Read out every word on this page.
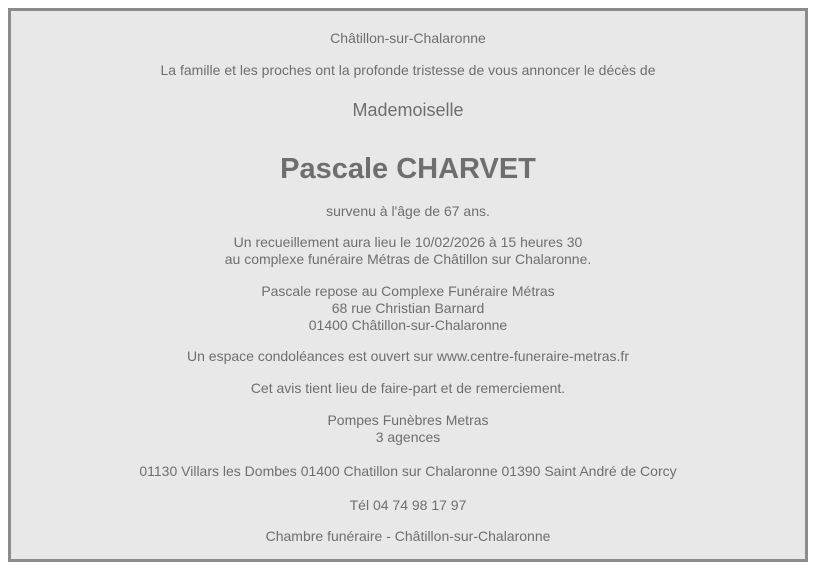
Châtillon-sur-Chalaronne
La famille et les proches ont la profonde tristesse de vous annoncer le décès de
Mademoiselle
Pascale CHARVET
survenu à l'âge de 67 ans.
Un recueillement aura lieu le 10/02/2026 à 15 heures 30
au complexe funéraire Métras de Châtillon sur Chalaronne.
Pascale repose au Complexe Funéraire Métras
68 rue Christian Barnard
01400 Châtillon-sur-Chalaronne
Un espace condoléances est ouvert sur www.centre-funeraire-metras.fr
Cet avis tient lieu de faire-part et de remerciement.
Pompes Funèbres Metras
3 agences
01130 Villars les Dombes 01400 Chatillon sur Chalaronne 01390 Saint André de Corcy
Tél 04 74 98 17 97
Chambre funéraire - Châtillon-sur-Chalaronne
